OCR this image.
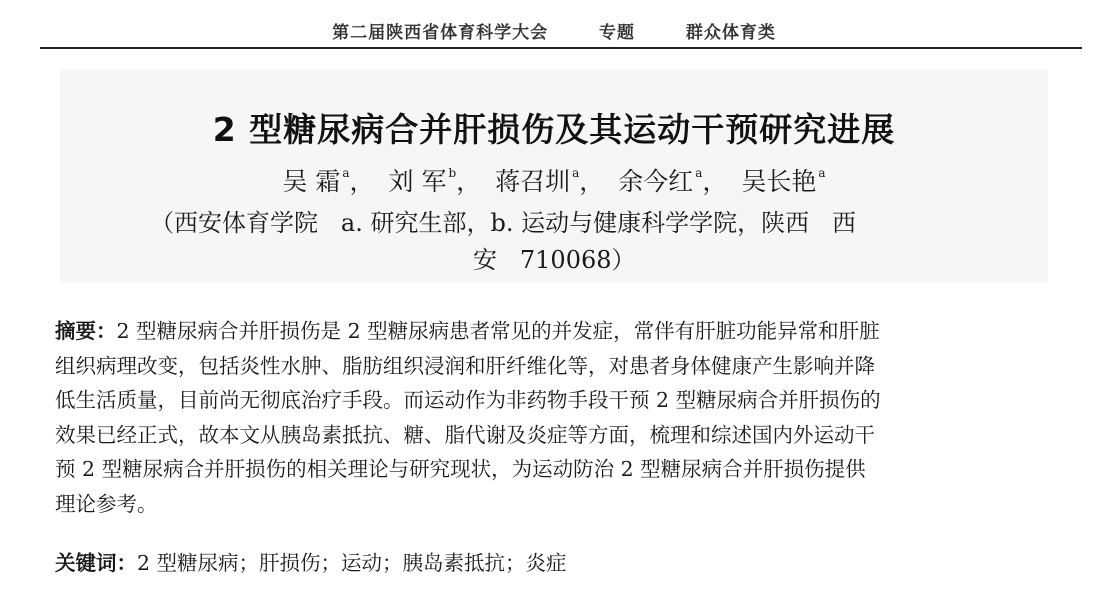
第二届陕西省体育科学大会	专题	群众体育类
2 型糖尿病合并肝损伤及其运动干预研究进展
吴 霜 $^a$， 刘 军 $^b$， 蒋召圳 $^a$， 余今红 $^a$， 吴长艳 $^a$
（西安体育学院   a. 研究生部，b. 运动与健康科学学院，陕西   西
安   710068）
摘要：2 型糖尿病合并肝损伤是 2 型糖尿病患者常见的并发症，常伴有肝脏功能异常和肝脏
组织病理改变，包括炎性水肿、脂肪组织浸润和肝纤维化等，对患者身体健康产生影响并降
低生活质量，目前尚无彻底治疗手段。而运动作为非药物手段干预 2 型糖尿病合并肝损伤的
效果已经正式，故本文从胰岛素抵抗、糖、脂代谢及炎症等方面，梳理和综述国内外运动干
预 2 型糖尿病合并肝损伤的相关理论与研究现状，为运动防治 2 型糖尿病合并肝损伤提供
理论参考。
关键词：2 型糖尿病；肝损伤；运动；胰岛素抵抗；炎症
